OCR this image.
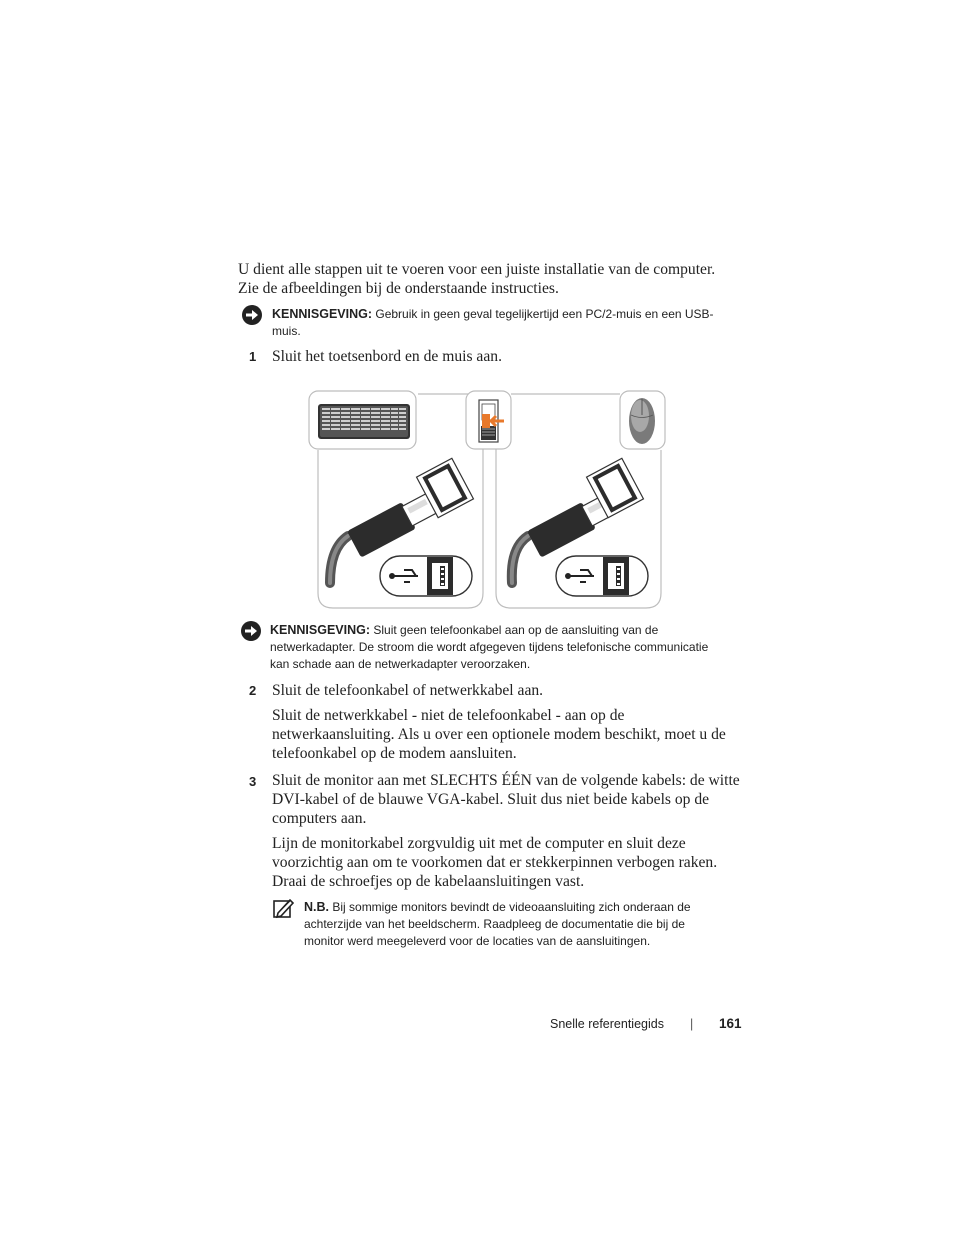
U dient alle stappen uit te voeren voor een juiste installatie van de computer.
Zie de afbeeldingen bij de onderstaande instructies.
KENNISGEVING: Gebruik in geen geval tegelijkertijd een PC/2-muis en een USB-
muis.
1 Sluit het toetsenbord en de muis aan.
KENNISGEVING: Sluit geen telefoonkabel aan op de aansluiting van de
netwerkadapter. De stroom die wordt afgegeven tijdens telefonische communicatie
kan schade aan de netwerkadapter veroorzaken.
2 Sluit de telefoonkabel of netwerkkabel aan.
Sluit de netwerkkabel - niet de telefoonkabel - aan op de
netwerkaansluiting. Als u over een optionele modem beschikt, moet u de
telefoonkabel op de modem aansluiten.
3 Sluit de monitor aan met SLECHTS ÉÉN van de volgende kabels: de witte
DVI-kabel of de blauwe VGA-kabel. Sluit dus niet beide kabels op de
computers aan.
Lijn de monitorkabel zorgvuldig uit met de computer en sluit deze
voorzichtig aan om te voorkomen dat er stekkerpinnen verbogen raken.
Draai de schroefjes op de kabelaansluitingen vast.
N.B. Bij sommige monitors bevindt de videoaansluiting zich onderaan de
achterzijde van het beeldscherm. Raadpleeg de documentatie die bij de
monitor werd meegeleverd voor de locaties van de aansluitingen.
Snelle referentiegids | 161
